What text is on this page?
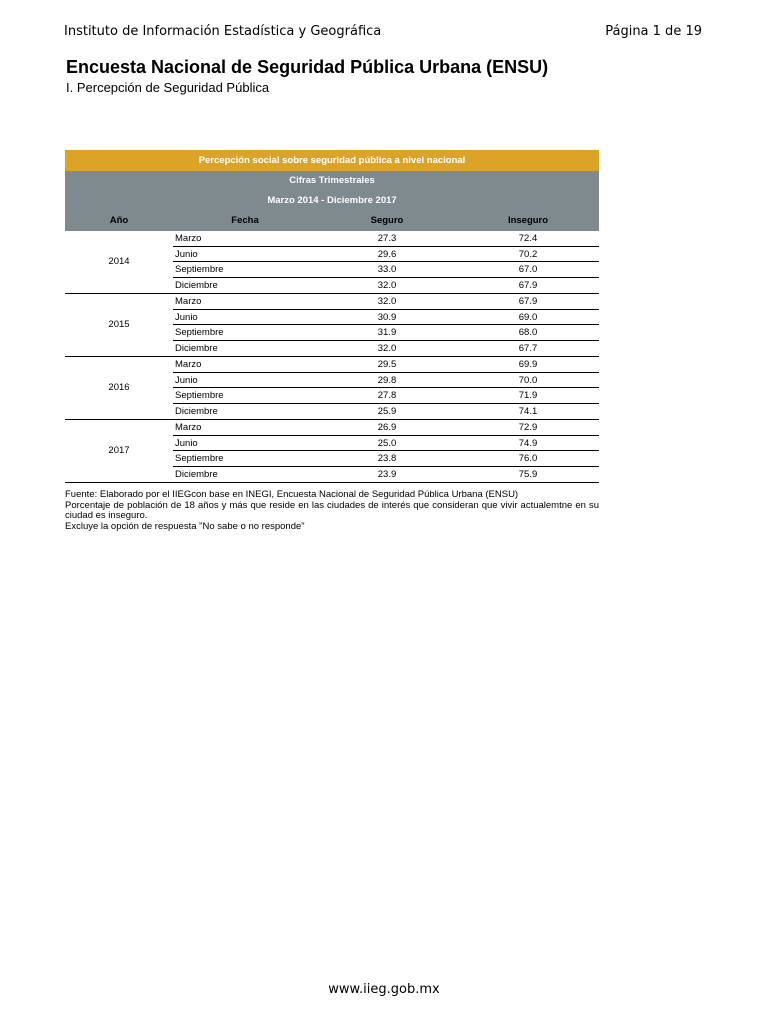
Instituto de Información Estadística y Geográfica	Página 1 de 19
Encuesta Nacional de Seguridad Pública Urbana (ENSU)
I. Percepción de Seguridad Pública
Percepción social sobre seguridad pública a nivel nacional
Cifras Trimestrales
Marzo 2014 - Diciembre 2017
Año	Fecha	Seguro	Inseguro
2014
Marzo	27.3	72.4
Junio	29.6	70.2
Septiembre	33.0	67.0
Diciembre	32.0	67.9
2015
Marzo	32.0	67.9
Junio	30.9	69.0
Septiembre	31.9	68.0
Diciembre	32.0	67.7
2016
Marzo	29.5	69.9
Junio	29.8	70.0
Septiembre	27.8	71.9
Diciembre	25.9	74.1
2017
Marzo	26.9	72.9
Junio	25.0	74.9
Septiembre	23.8	76.0
Diciembre	23.9	75.9

Fuente: Elaborado por el IIEGcon base en INEGI, Encuesta Nacional de Seguridad Pública Urbana (ENSU)

Porcentaje de población de 18 años y más que reside en las ciudades de interés que consideran que vivir actualemtne en su ciudad es inseguro.

Excluye la opción de respuesta "No sabe o no responde"

www.iieg.gob.mx
